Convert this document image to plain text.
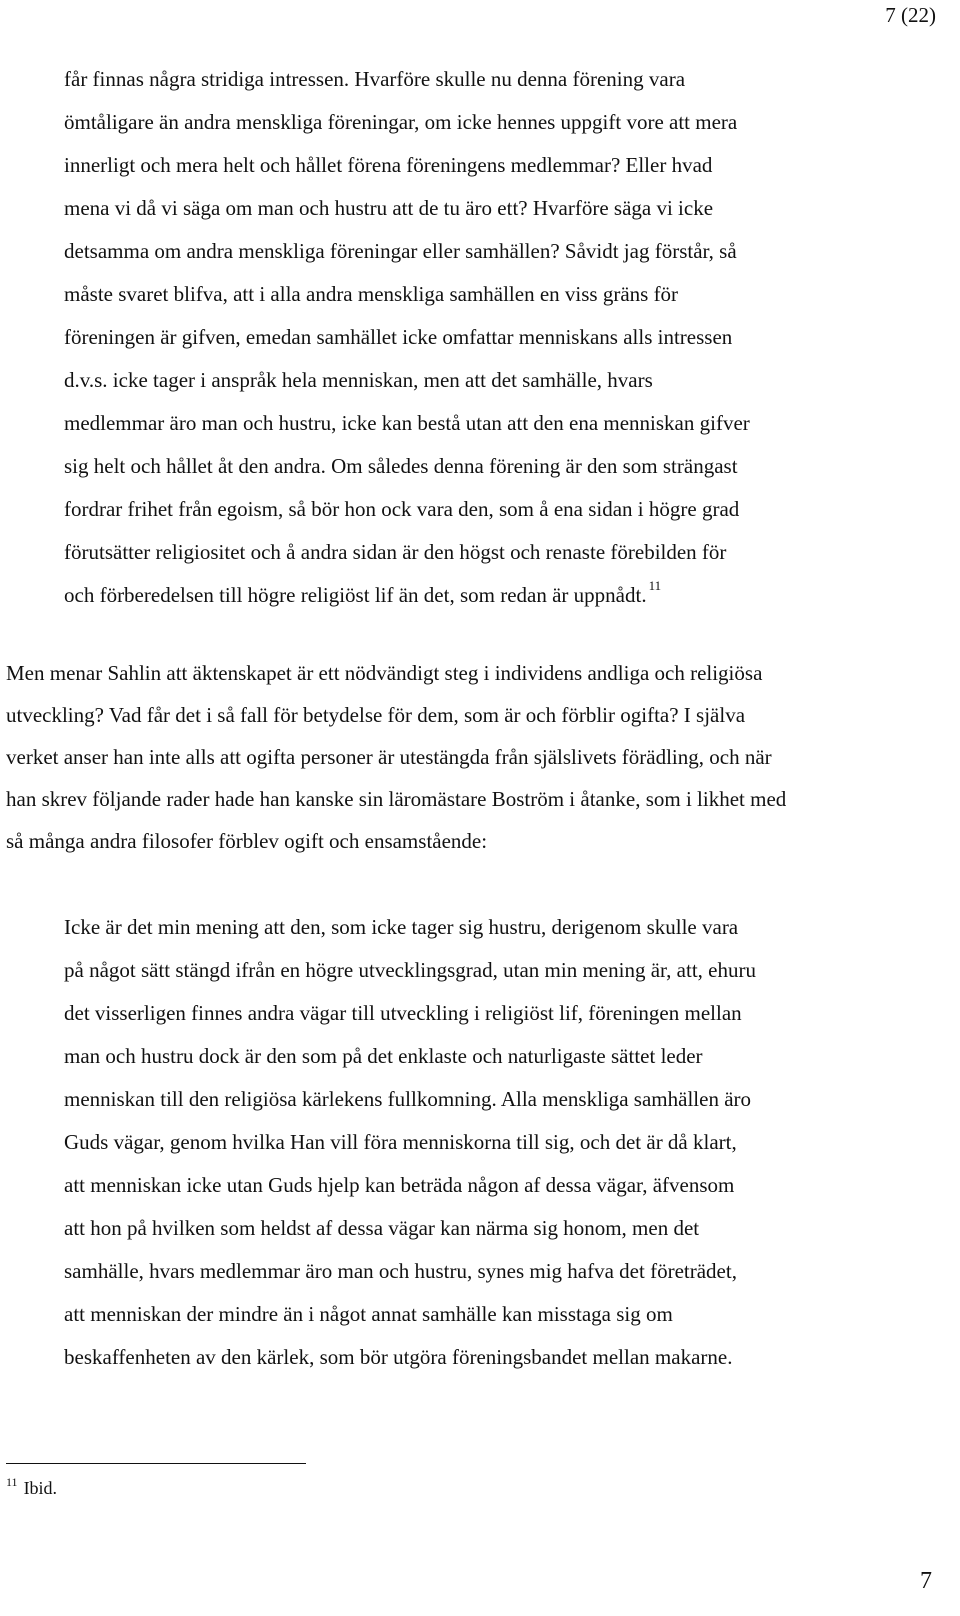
7 (22)
får finnas några stridiga intressen. Hvarföre skulle nu denna förening vara
ömtåligare än andra menskliga föreningar, om icke hennes uppgift vore att mera
innerligt och mera helt och hållet förena föreningens medlemmar? Eller hvad
mena vi då vi säga om man och hustru att de tu äro ett? Hvarföre säga vi icke
detsamma om andra menskliga föreningar eller samhällen? Såvidt jag förstår, så
måste svaret blifva, att i alla andra menskliga samhällen en viss gräns för
föreningen är gifven, emedan samhället icke omfattar menniskans alls intressen
d.v.s. icke tager i anspråk hela menniskan, men att det samhälle, hvars
medlemmar äro man och hustru, icke kan bestå utan att den ena menniskan gifver
sig helt och hållet åt den andra. Om således denna förening är den som strängast
fordrar frihet från egoism, så bör hon ock vara den, som å ena sidan i högre grad
förutsätter religiositet och å andra sidan är den högst och renaste förebilden för
och förberedelsen till högre religiöst lif än det, som redan är uppnådt. $^{11}$
Men menar Sahlin att äktenskapet är ett nödvändigt steg i individens andliga och religiösa
utveckling? Vad får det i så fall för betydelse för dem, som är och förblir ogifta? I själva
verket anser han inte alls att ogifta personer är utestängda från själslivets förädling, och när
han skrev följande rader hade han kanske sin läromästare Boström i åtanke, som i likhet med
så många andra filosofer förblev ogift och ensamstående:
Icke är det min mening att den, som icke tager sig hustru, derigenom skulle vara
på något sätt stängd ifrån en högre utvecklingsgrad, utan min mening är, att, ehuru
det visserligen finnes andra vägar till utveckling i religiöst lif, föreningen mellan
man och hustru dock är den som på det enklaste och naturligaste sättet leder
menniskan till den religiösa kärlekens fullkomning. Alla menskliga samhällen äro
Guds vägar, genom hvilka Han vill föra menniskorna till sig, och det är då klart,
att menniskan icke utan Guds hjelp kan beträda någon af dessa vägar, äfvensom
att hon på hvilken som heldst af dessa vägar kan närma sig honom, men det
samhälle, hvars medlemmar äro man och hustru, synes mig hafva det företrädet,
att menniskan der mindre än i något annat samhälle kan misstaga sig om
beskaffenheten av den kärlek, som bör utgöra föreningsbandet mellan makarne.
$^{11}$ Ibid.
7
